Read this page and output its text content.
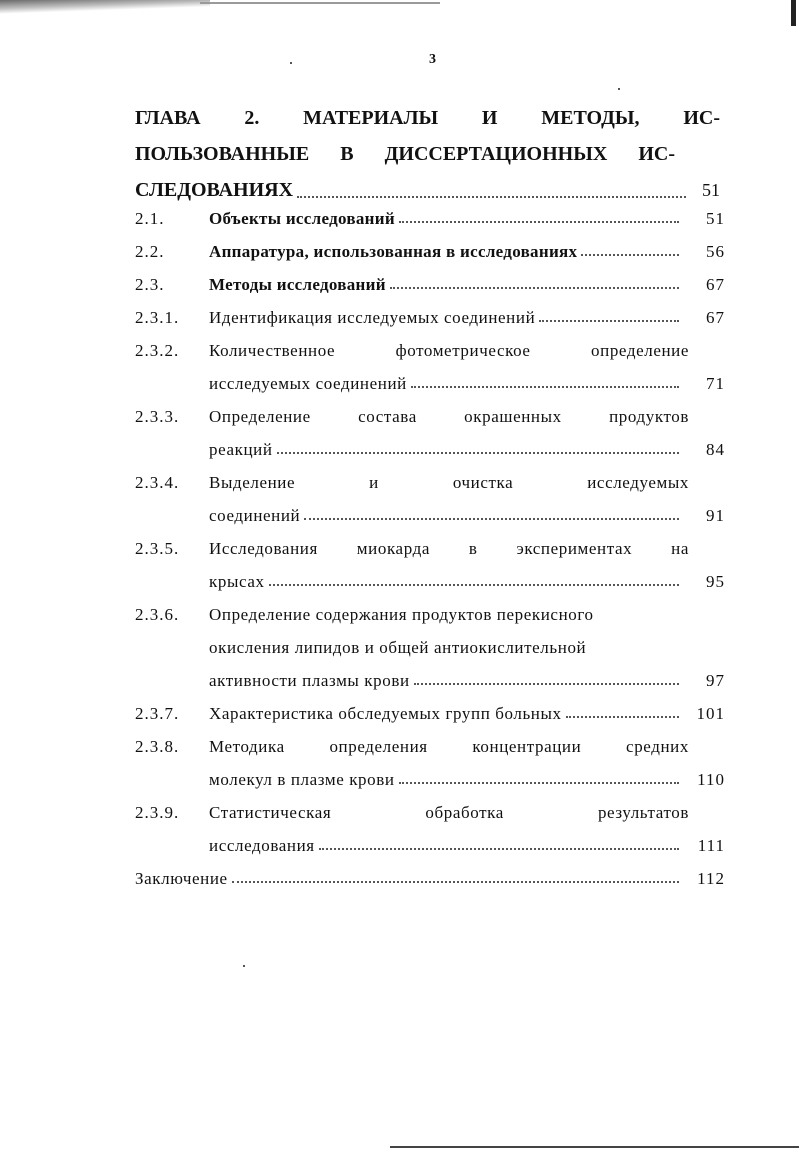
3
ГЛАВА 2. МАТЕРИАЛЫ И МЕТОДЫ, ИС-
ПОЛЬЗОВАННЫЕ В ДИССЕРТАЦИОННЫХ ИС-
СЛЕДОВАНИЯХ	51
2.1.	Объекты исследований	51
2.2.	Аппаратура, использованная в исследованиях	56
2.3.	Методы исследований	67
2.3.1.	Идентификация исследуемых соединений	67
2.3.2.	Количественное	фотометрическое	определение
исследуемых соединений	71
2.3.3.	Определение	состава	окрашенных	продуктов
реакций	84
2.3.4.	Выделение	и	очистка	исследуемых
соединений	91
2.3.5.	Исследования миокарда в экспериментах на
крысах	95
2.3.6.	Определение содержания продуктов перекисного
окисления липидов и общей антиокислительной
активности плазмы крови	97
2.3.7.	Характеристика обследуемых групп больных	101
2.3.8.	Методика	определения	концентрации	средних
молекул в плазме крови	110
2.3.9.	Статистическая	обработка	результатов
исследования	111
Заключение	112
